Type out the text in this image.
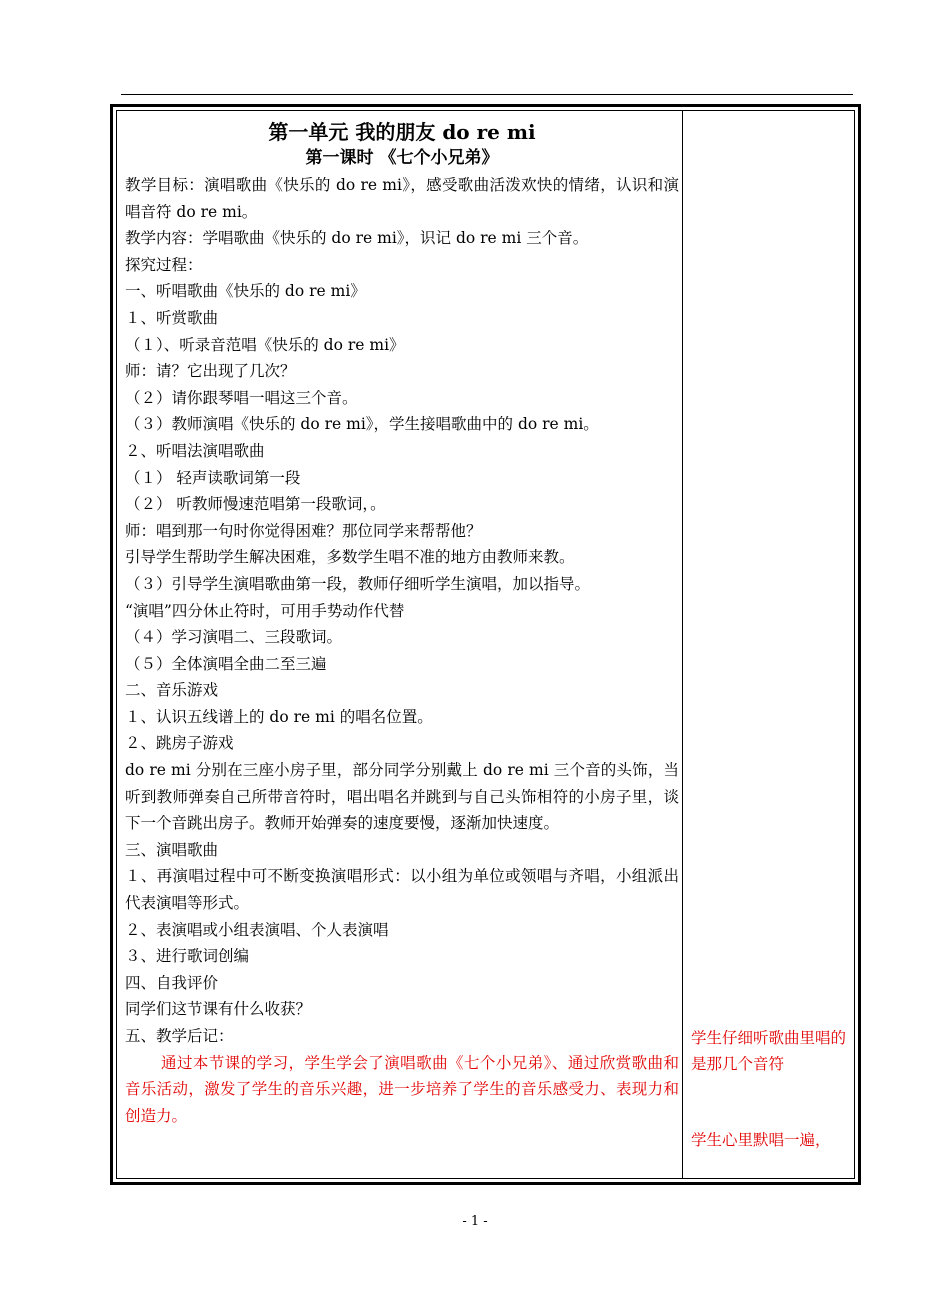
第一单元 我的朋友 do re mi
第一课时 《七个小兄弟》
教学目标：演唱歌曲《快乐的 do re mi》，感受歌曲活泼欢快的情绪，认识和演唱音符 do re mi。
教学内容：学唱歌曲《快乐的 do re mi》，识记 do re mi 三个音。
探究过程：
一、听唱歌曲《快乐的 do re mi》
１、听赏歌曲
（１）、听录音范唱《快乐的 do re mi》
师：请？它出现了几次？
（２）请你跟琴唱一唱这三个音。
（３）教师演唱《快乐的 do re mi》，学生接唱歌曲中的 do re mi。
２、听唱法演唱歌曲
（１） 轻声读歌词第一段
（２） 听教师慢速范唱第一段歌词，。
师：唱到那一句时你觉得困难？那位同学来帮帮他？
引导学生帮助学生解决困难，多数学生唱不准的地方由教师来教。
（３）引导学生演唱歌曲第一段，教师仔细听学生演唱，加以指导。
“演唱”四分休止符时，可用手势动作代替
（４）学习演唱二、三段歌词。
（５）全体演唱全曲二至三遍
二、音乐游戏
１、认识五线谱上的 do re mi 的唱名位置。
２、跳房子游戏
do re mi 分别在三座小房子里，部分同学分别戴上 do re mi 三个音的头饰，当听到教师弹奏自己所带音符时，唱出唱名并跳到与自己头饰相符的小房子里，谈下一个音跳出房子。教师开始弹奏的速度要慢，逐渐加快速度。
三、演唱歌曲
１、再演唱过程中可不断变换演唱形式：以小组为单位或领唱与齐唱，小组派出代表演唱等形式。
２、表演唱或小组表演唱、个人表演唱
３、进行歌词创编
四、自我评价
同学们这节课有什么收获？
五、教学后记：
通过本节课的学习，学生学会了演唱歌曲《七个小兄弟》、通过欣赏歌曲和音乐活动，激发了学生的音乐兴趣，进一步培养了学生的音乐感受力、表现力和创造力。
学生仔细听歌曲里唱的是那几个音符
学生心里默唱一遍，
- 1 -
